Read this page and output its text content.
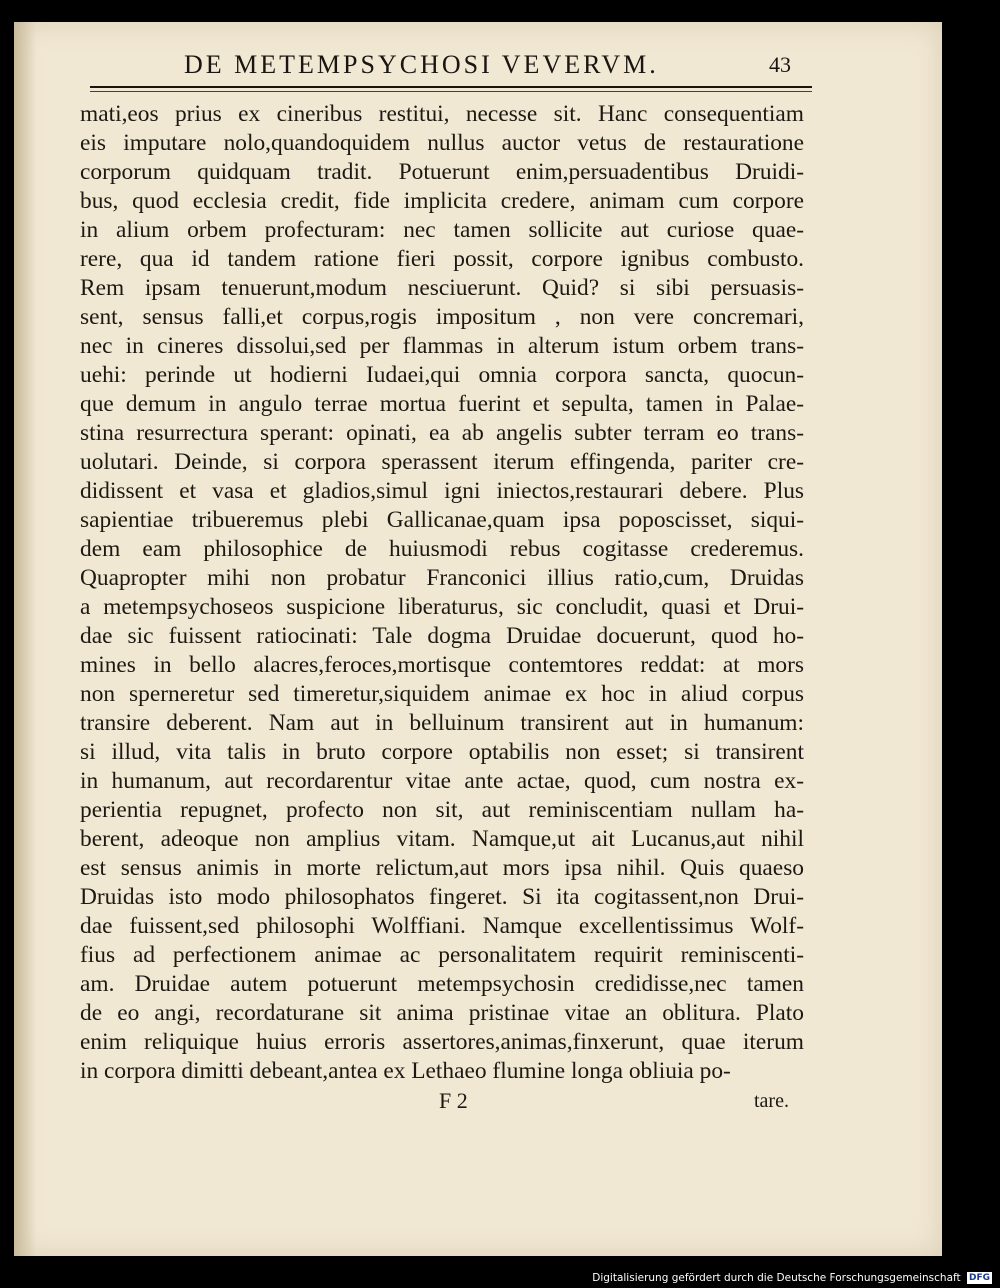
DE METEMPSYCHOSI VEVERVM.	43
mati,eos prius ex cineribus restitui, necesse sit. Hanc consequentiam
eis imputare nolo,quandoquidem nullus auctor vetus de restauratione
corporum quidquam tradit. Potuerunt enim,persuadentibus Druidi-
bus, quod ecclesia credit, fide implicita credere, animam cum corpore
in alium orbem profecturam: nec tamen sollicite aut curiose quae-
rere, qua id tandem ratione fieri possit, corpore ignibus combusto.
Rem ipsam tenuerunt,modum nesciuerunt. Quid? si sibi persuasis-
sent, sensus falli,et corpus,rogis impositum , non vere concremari,
nec in cineres dissolui,sed per flammas in alterum istum orbem trans-
uehi: perinde ut hodierni Iudaei,qui omnia corpora sancta, quocun-
que demum in angulo terrae mortua fuerint et sepulta, tamen in Palae-
stina resurrectura sperant: opinati, ea ab angelis subter terram eo trans-
uolutari. Deinde, si corpora sperassent iterum effingenda, pariter cre-
didissent et vasa et gladios,simul igni iniectos,restaurari debere. Plus
sapientiae tribueremus plebi Gallicanae,quam ipsa poposcisset, siqui-
dem eam philosophice de huiusmodi rebus cogitasse crederemus.
Quapropter mihi non probatur Franconici illius ratio,cum, Druidas
a metempsychoseos suspicione liberaturus, sic concludit, quasi et Drui-
dae sic fuissent ratiocinati: Tale dogma Druidae docuerunt, quod ho-
mines in bello alacres,feroces,mortisque contemtores reddat: at mors
non sperneretur sed timeretur,siquidem animae ex hoc in aliud corpus
transire deberent. Nam aut in belluinum transirent aut in humanum:
si illud, vita talis in bruto corpore optabilis non esset; si transirent
in humanum, aut recordarentur vitae ante actae, quod, cum nostra ex-
perientia repugnet, profecto non sit, aut reminiscentiam nullam ha-
berent, adeoque non amplius vitam. Namque,ut ait Lucanus,aut nihil
est sensus animis in morte relictum,aut mors ipsa nihil. Quis quaeso
Druidas isto modo philosophatos fingeret. Si ita cogitassent,non Drui-
dae fuissent,sed philosophi Wolffiani. Namque excellentissimus Wolf-
fius ad perfectionem animae ac personalitatem requirit reminiscenti-
am. Druidae autem potuerunt metempsychosin credidisse,nec tamen
de eo angi, recordaturane sit anima pristinae vitae an oblitura. Plato
enim reliquique huius erroris assertores,animas,finxerunt, quae iterum
in corpora dimitti debeant,antea ex Lethaeo flumine longa obliuia po-
F 2	tare.
Digitalisierung gefördert durch die Deutsche Forschungsgemeinschaft DFG
